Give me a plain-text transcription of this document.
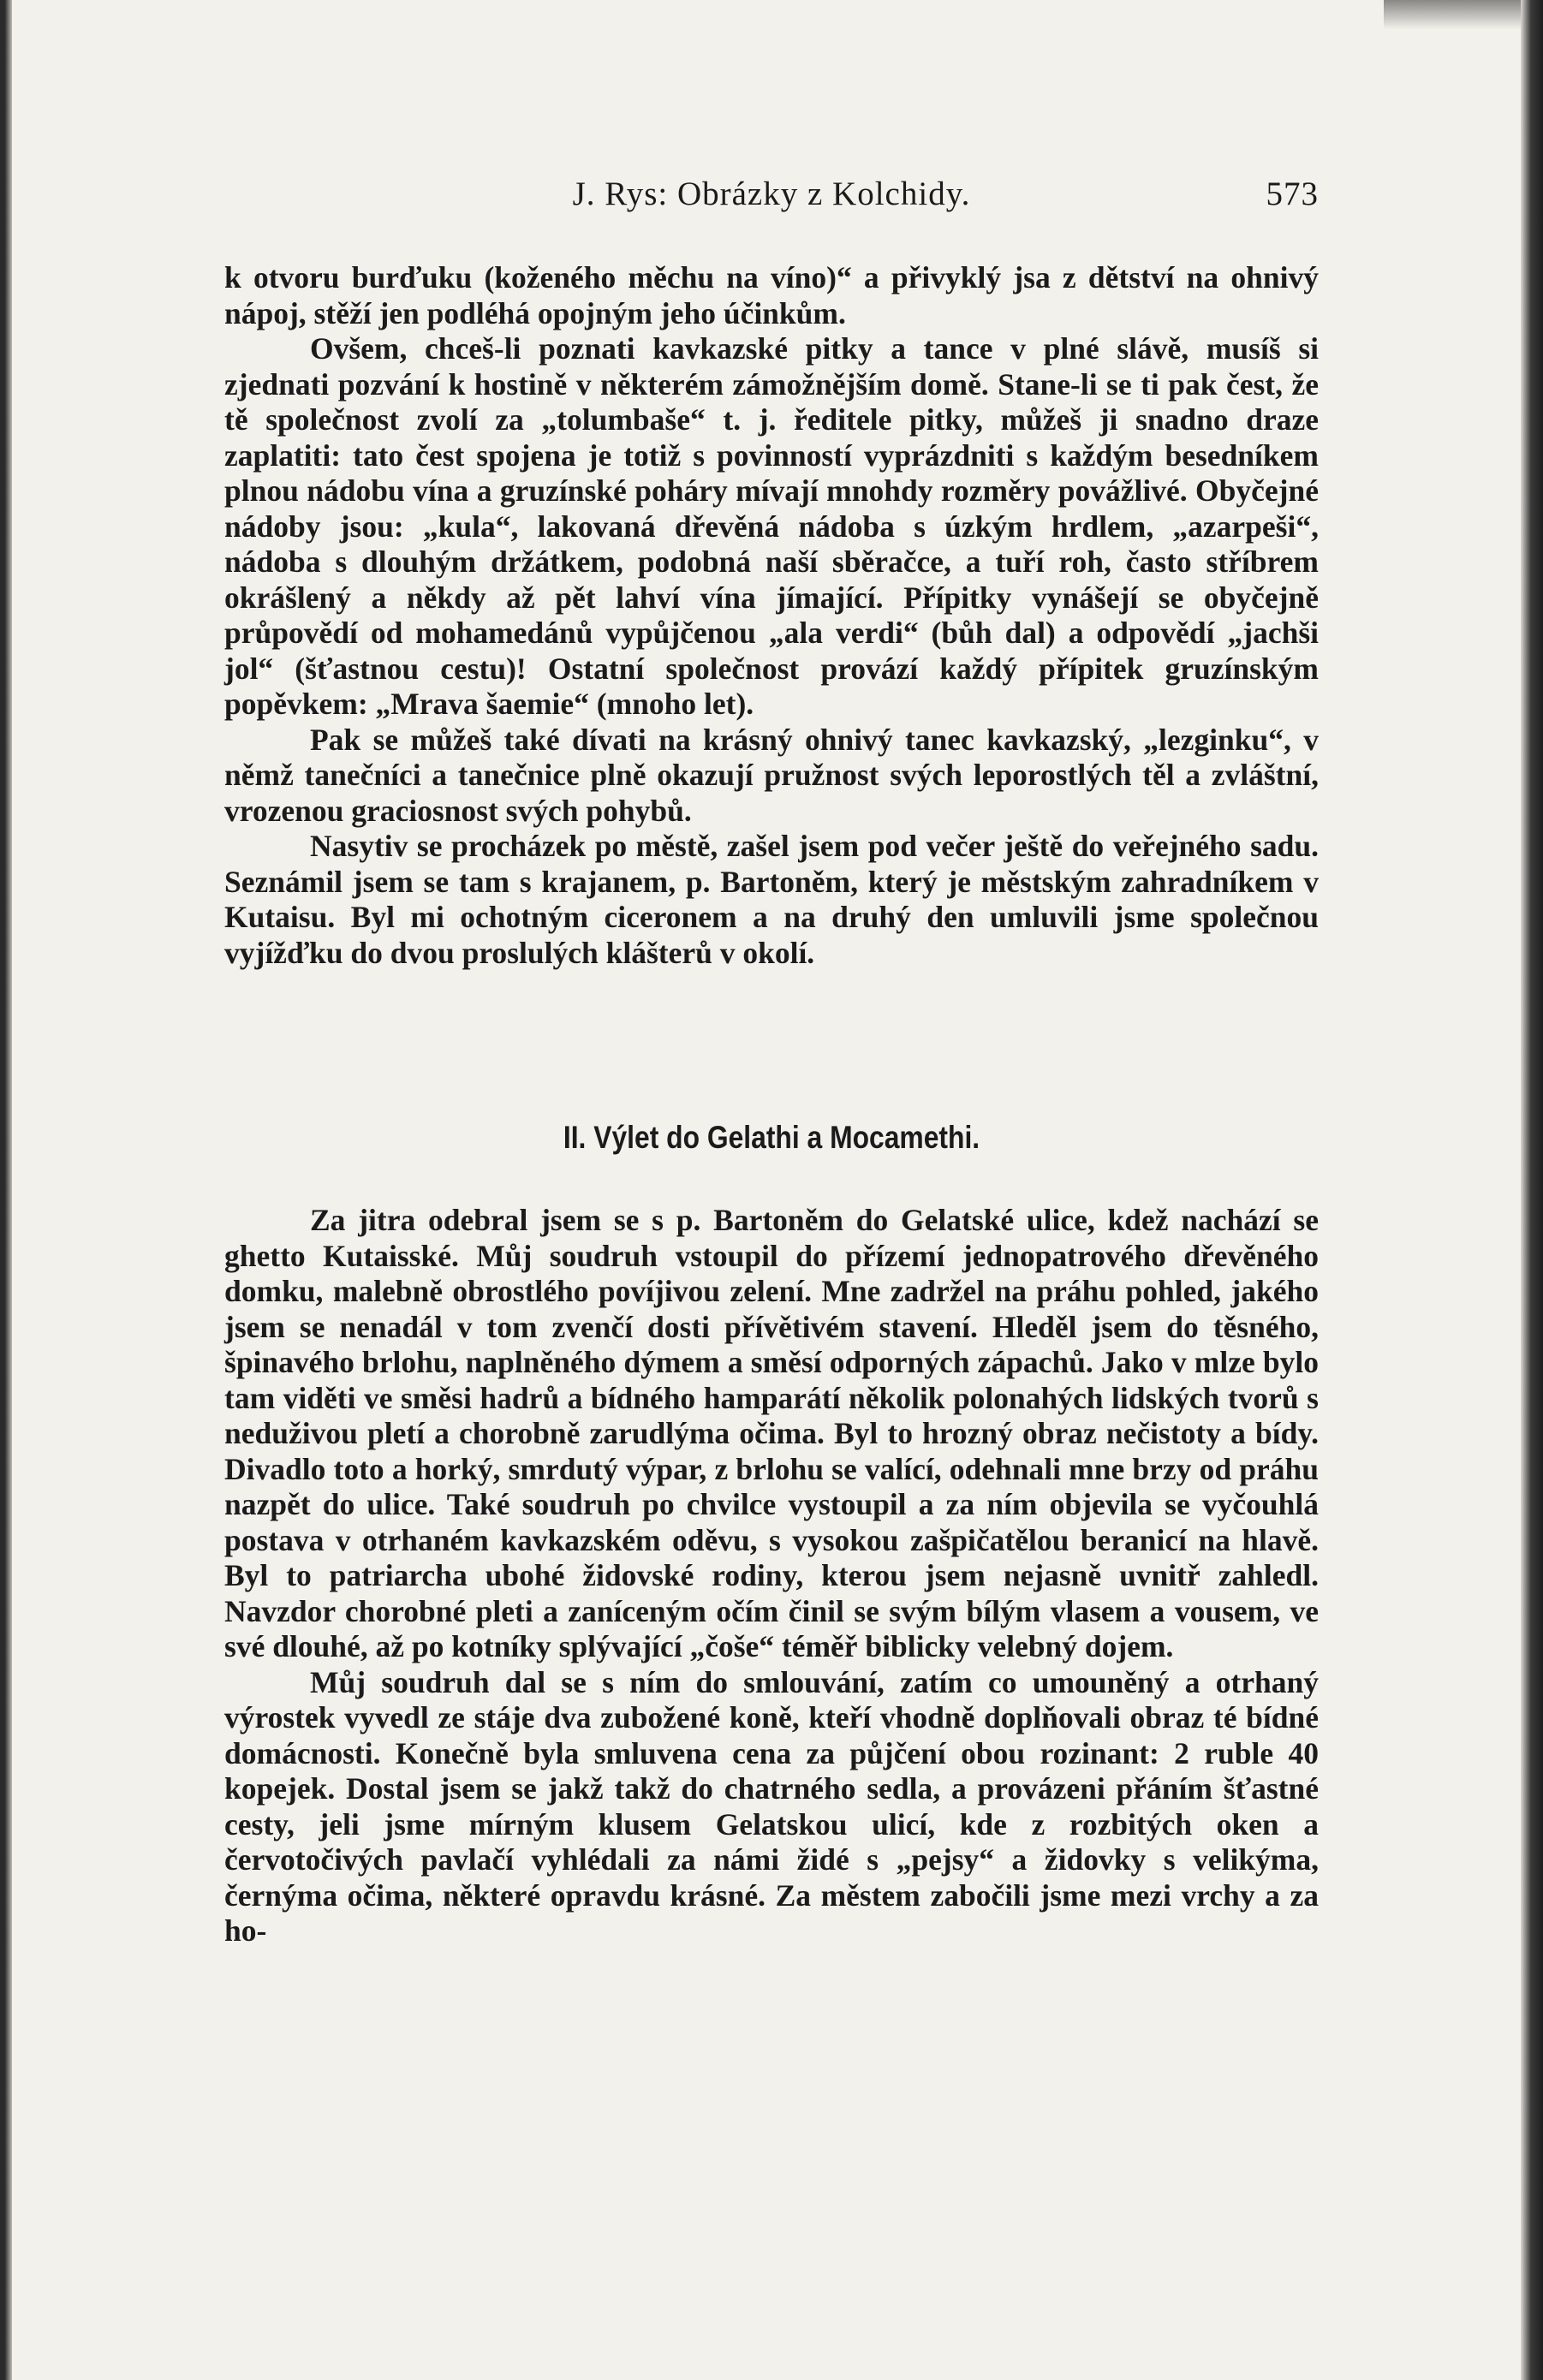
J. Rys: Obrázky z Kolchidy.	573

k otvoru burďuku (koženého měchu na víno)“ a přivyklý jsa z dětství na ohnivý nápoj, stěží jen podléhá opojným jeho účinkům.

Ovšem, chceš-li poznati kavkazské pitky a tance v plné slávě, musíš si zjednati pozvání k hostině v některém zámožnějším domě. Stane-li se ti pak čest, že tě společnost zvolí za „tolumbaše“ t. j. ředitele pitky, můžeš ji snadno draze zaplatiti: tato čest spojena je totiž s povinností vyprázdniti s každým besedníkem plnou nádobu vína a gruzínské poháry mívají mnohdy rozměry povážlivé. Obyčejné nádoby jsou: „kula“, lakovaná dřevěná nádoba s úzkým hrdlem, „azarpeši“, nádoba s dlouhým držátkem, podobná naší sběračce, a tuří roh, často stříbrem okrášlený a někdy až pět lahví vína jímající. Přípitky vynášejí se obyčejně průpovědí od mohamedánů vypůjčenou „ala verdi“ (bůh dal) a odpovědí „jachši jol“ (šťastnou cestu)! Ostatní společnost provází každý přípitek gruzínským popěvkem: „Mrava šaemie“ (mnoho let).

Pak se můžeš také dívati na krásný ohnivý tanec kavkazský, „lezginku“, v němž tanečníci a tanečnice plně okazují pružnost svých leporostlých těl a zvláštní, vrozenou graciosnost svých pohybů.

Nasytiv se procházek po městě, zašel jsem pod večer ještě do veřejného sadu. Seznámil jsem se tam s krajanem, p. Bartoněm, který je městským zahradníkem v Kutaisu. Byl mi ochotným ciceronem a na druhý den umluvili jsme společnou vyjížďku do dvou proslulých klášterů v okolí.

II. Výlet do Gelathi a Mocamethi.

Za jitra odebral jsem se s p. Bartoněm do Gelatské ulice, kdež nachází se ghetto Kutaisské. Můj soudruh vstoupil do přízemí jednopatrového dřevěného domku, malebně obrostlého povíjivou zelení. Mne zadržel na práhu pohled, jakého jsem se nenadál v tom zvenčí dosti přívětivém stavení. Hleděl jsem do těsného, špinavého brlohu, naplněného dýmem a směsí odporných zápachů. Jako v mlze bylo tam viděti ve směsi hadrů a bídného hamparátí několik polonahých lidských tvorů s neduživou pletí a chorobně zarudlýma očima. Byl to hrozný obraz nečistoty a bídy. Divadlo toto a horký, smrdutý výpar, z brlohu se valící, odehnali mne brzy od práhu nazpět do ulice. Také soudruh po chvilce vystoupil a za ním objevila se vyčouhlá postava v otrhaném kavkazském oděvu, s vysokou zašpičatělou beranicí na hlavě. Byl to patriarcha ubohé židovské rodiny, kterou jsem nejasně uvnitř zahledl. Navzdor chorobné pleti a zaníceným očím činil se svým bílým vlasem a vousem, ve své dlouhé, až po kotníky splývající „čoše“ téměř biblicky velebný dojem.

Můj soudruh dal se s ním do smlouvání, zatím co umouněný a otrhaný výrostek vyvedl ze stáje dva zubožené koně, kteří vhodně doplňovali obraz té bídné domácnosti. Konečně byla smluvena cena za půjčení obou rozinant: 2 ruble 40 kopejek. Dostal jsem se jakž takž do chatrného sedla, a provázeni přáním šťastné cesty, jeli jsme mírným klusem Gelatskou ulicí, kde z rozbitých oken a červotočivých pavlačí vyhlédali za námi židé s „pejsy“ a židovky s velikýma, černýma očima, některé opravdu krásné. Za městem zabočili jsme mezi vrchy a za ho-
